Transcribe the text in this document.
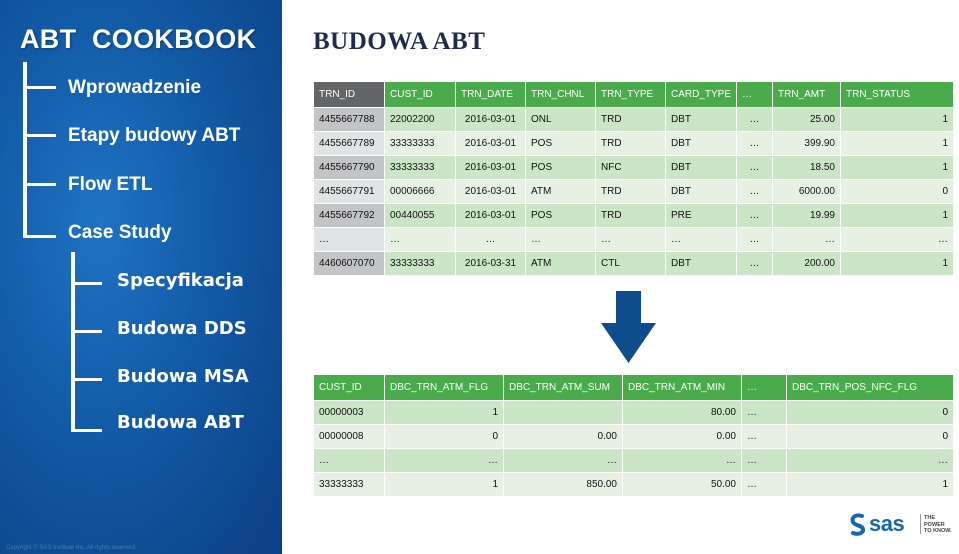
ABT  COOKBOOK
Wprowadzenie
Etapy budowy ABT
Flow ETL
Case Study
Specyfikacja
Budowa DDS
Budowa MSA
Budowa ABT
Copyright © SAS Institute Inc. All rights reserved.
BUDOWA ABT
TRN_ID	CUST_ID	TRN_DATE	TRN_CHNL	TRN_TYPE	CARD_TYPE	…	TRN_AMT	TRN_STATUS
4455667788	22002200	2016-03-01	ONL	TRD	DBT	…	25.00	1
4455667789	33333333	2016-03-01	POS	TRD	DBT	…	399.90	1
4455667790	33333333	2016-03-01	POS	NFC	DBT	…	18.50	1
4455667791	00006666	2016-03-01	ATM	TRD	DBT	…	6000.00	0
4455667792	00440055	2016-03-01	POS	TRD	PRE	…	19.99	1
…	…	…	…	…	…	…	…	…
4460607070	33333333	2016-03-31	ATM	CTL	DBT	…	200.00	1
CUST_ID	DBC_TRN_ATM_FLG	DBC_TRN_ATM_SUM	DBC_TRN_ATM_MIN	…	DBC_TRN_POS_NFC_FLG
00000003	1		80.00	…	0
00000008	0	0.00	0.00	…	0
…	…	…	…	…	…
33333333	1	850.00	50.00	…	1
sas	THE
POWER
TO KNOW.
